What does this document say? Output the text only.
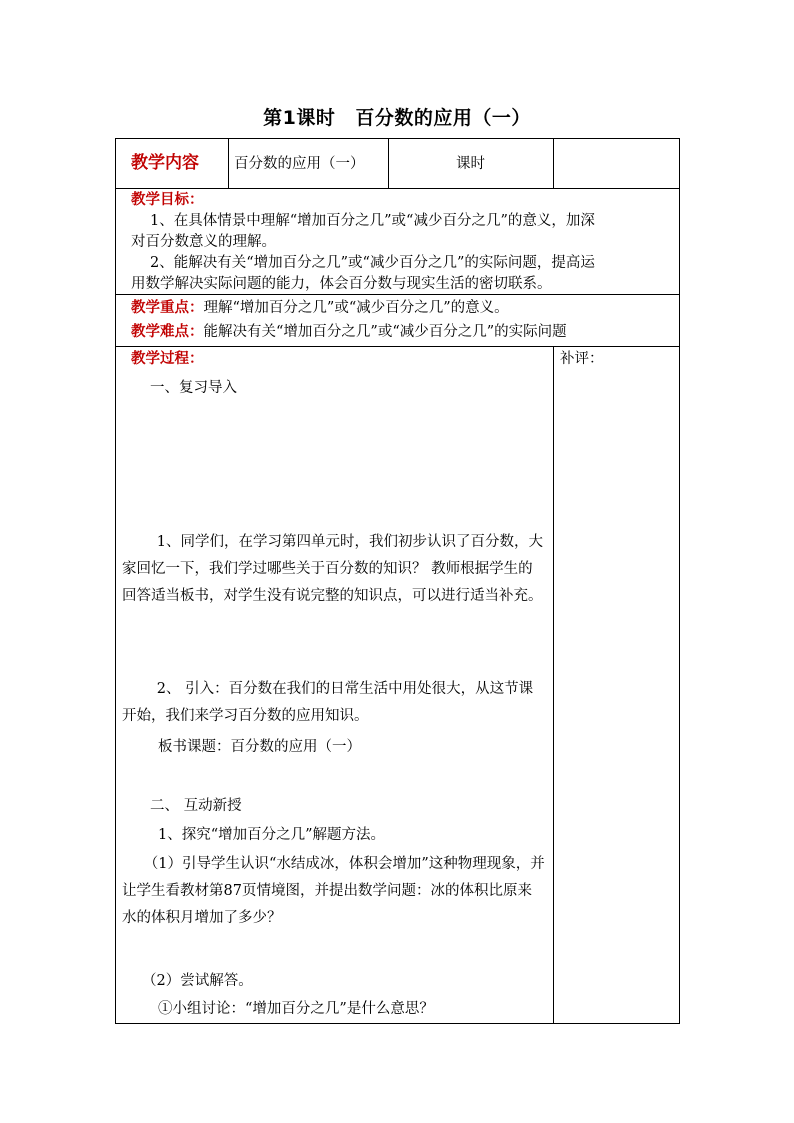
第1课时 百分数的应用（一）
教学内容 百分数的应用（一）	课时
教学目标：
1、在具体情景中理解“增加百分之几”或“减少百分之几”的意义，加深
对百分数意义的理解。
2、能解决有关“增加百分之几”或“减少百分之几”的实际问题，提高运
用数学解决实际问题的能力，体会百分数与现实生活的密切联系。
教学重点：理解“增加百分之几”或“减少百分之几”的意义。
教学难点：能解决有关“增加百分之几”或“减少百分之几”的实际问题
教学过程：	补评：
一、复习导入
1、同学们，在学习第四单元时，我们初步认识了百分数，大家回忆一下，我们学过哪些关于百分数的知识？ 教师根据学生的回答适当板书，对学生没有说完整的知识点，可以进行适当补充。
2、 引入：百分数在我们的日常生活中用处很大，从这节课开始，我们来学习百分数的应用知识。
板书课题：百分数的应用（一）
二、 互动新授
1、探究“增加百分之几”解题方法。
（1）引导学生认识“水结成冰，体积会增加”这种物理现象，并让学生看教材第87页情境图，并提出数学问题：冰的体积比原来水的体积月增加了多少？
（2）尝试解答。
①小组讨论：“增加百分之几”是什么意思？
